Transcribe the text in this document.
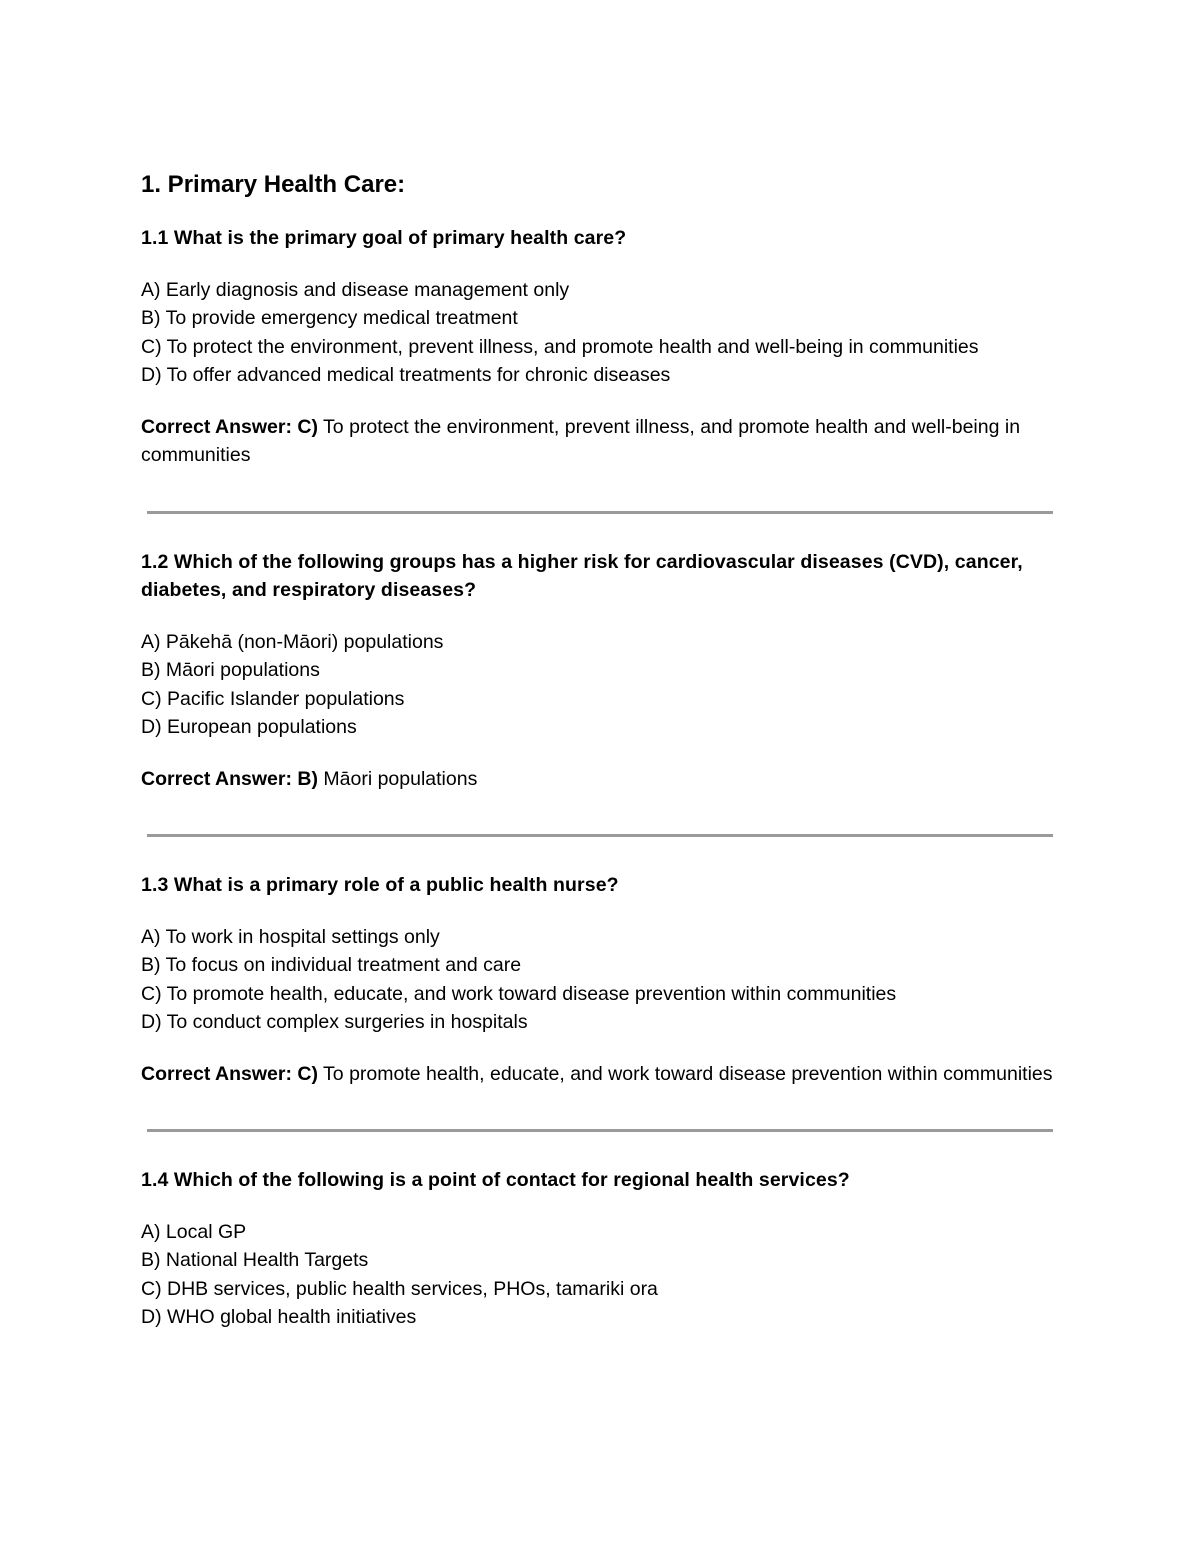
1. Primary Health Care:

1.1 What is the primary goal of primary health care?

A) Early diagnosis and disease management only
B) To provide emergency medical treatment
C) To protect the environment, prevent illness, and promote health and well-being in communities
D) To offer advanced medical treatments for chronic diseases

Correct Answer: C) To protect the environment, prevent illness, and promote health and well-being in communities

1.2 Which of the following groups has a higher risk for cardiovascular diseases (CVD), cancer, diabetes, and respiratory diseases?

A) Pākehā (non-Māori) populations
B) Māori populations
C) Pacific Islander populations
D) European populations

Correct Answer: B) Māori populations

1.3 What is a primary role of a public health nurse?

A) To work in hospital settings only
B) To focus on individual treatment and care
C) To promote health, educate, and work toward disease prevention within communities
D) To conduct complex surgeries in hospitals

Correct Answer: C) To promote health, educate, and work toward disease prevention within communities

1.4 Which of the following is a point of contact for regional health services?

A) Local GP
B) National Health Targets
C) DHB services, public health services, PHOs, tamariki ora
D) WHO global health initiatives
